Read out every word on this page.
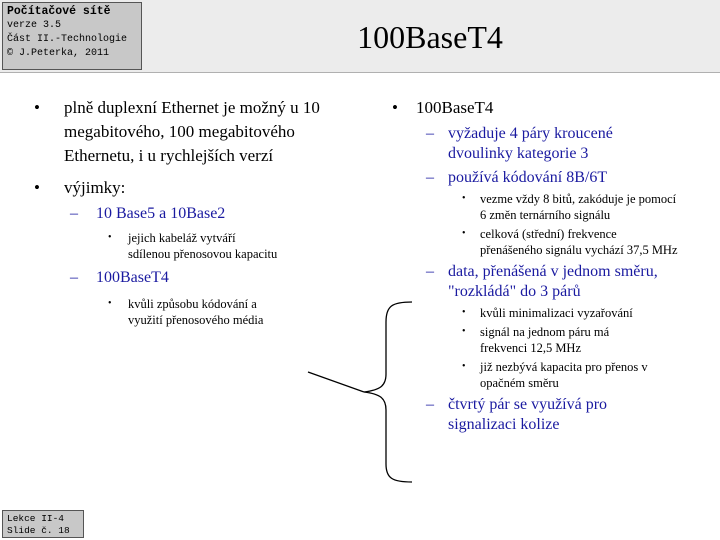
Počítačové sítě
verze 3.5
Část II.-Technologie
© J.Peterka, 2011	100BaseT4
• plně duplexní Ethernet je možný u 10 megabitového, 100 megabitového Ethernetu, i u rychlejších verzí
• výjimky:
– 10 Base5 a 10Base2
• jejich kabeláž vytváří sdílenou přenosovou kapacitu
– 100BaseT4
• kvůli způsobu kódování a využití přenosového média
• 100BaseT4
– vyžaduje 4 páry kroucené dvoulinky kategorie 3
– používá kódování 8B/6T
• vezme vždy 8 bitů, zakóduje je pomocí 6 změn ternárního signálu
• celková (střední) frekvence přenášeného signálu vychází 37,5 MHz
– data, přenášená v jednom směru, "rozkládá" do 3 párů
• kvůli minimalizaci vyzařování
• signál na jednom páru má frekvenci 12,5 MHz
• již nezbývá kapacita pro přenos v opačném směru
– čtvrtý pár se využívá pro signalizaci kolize
Lekce II-4
Slide č. 18
